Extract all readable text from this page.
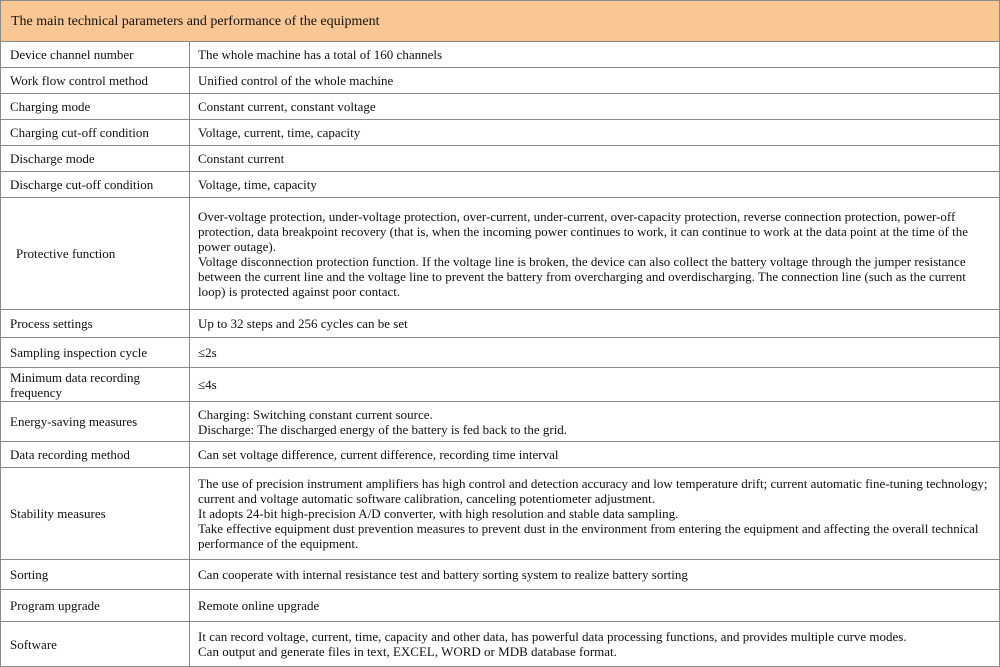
The main technical parameters and performance of the equipment	
Device channel number	The whole machine has a total of 160 channels

Work flow control method	Unified control of the whole machine

Charging mode	Constant current, constant voltage

Charging cut-off condition	Voltage, current, time, capacity

Discharge mode	Constant current

Discharge cut-off condition	Voltage, time, capacity

Protective function	Over-voltage protection, under-voltage protection, over-current, under-current, over-capacity protection, reverse connection protection, power-off protection, data breakpoint recovery (that is, when the incoming power continues to work, it can continue to work at the data point at the time of the power outage).

Voltage disconnection protection function. If the voltage line is broken, the device can also collect the battery voltage through the jumper resistance between the current line and the voltage line to prevent the battery from overcharging and overdischarging. The connection line (such as the current loop) is protected against poor contact.

Process settings	Up to 32 steps and 256 cycles can be set

Sampling inspection cycle	≤2s

Minimum data recording frequency	≤4s

Energy-saving measures	Charging: Switching constant current source.

Discharge: The discharged energy of the battery is fed back to the grid.

Data recording method	Can set voltage difference, current difference, recording time interval

Stability measures	The use of precision instrument amplifiers has high control and detection accuracy and low temperature drift; current automatic fine-tuning technology; current and voltage automatic software calibration, canceling potentiometer adjustment.

It adopts 24-bit high-precision A/D converter, with high resolution and stable data sampling.

Take effective equipment dust prevention measures to prevent dust in the environment from entering the equipment and affecting the overall technical performance of the equipment.

Sorting	Can cooperate with internal resistance test and battery sorting system to realize battery sorting

Program upgrade	Remote online upgrade

Software	It can record voltage, current, time, capacity and other data, has powerful data processing functions, and provides multiple curve modes.

Can output and generate files in text, EXCEL, WORD or MDB database format.
